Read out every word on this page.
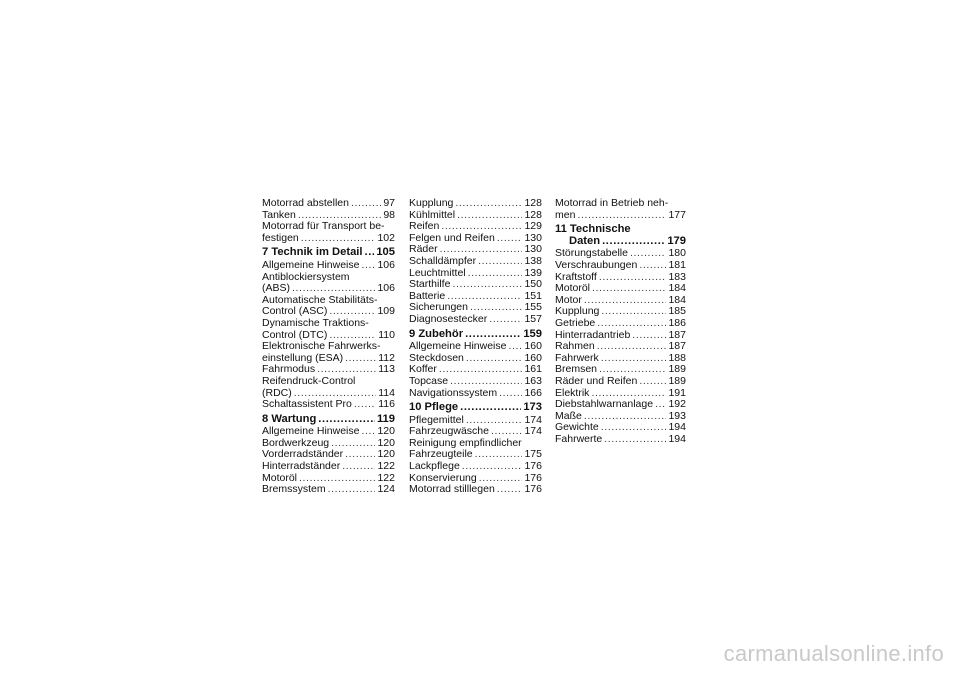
Motorrad abstellen .....	97
Tanken .....	98
Motorrad für Transport be-
festigen .....	102
7 Technik im Detail ..... 105
Allgemeine Hinweise ..... 106
Antiblockiersystem
(ABS) .....	106
Automatische Stabilitäts-
Control (ASC) .....	109
Dynamische Traktions-
Control (DTC) .....	110
Elektronische Fahrwerks-
einstellung (ESA) .....	112
Fahrmodus .....	113
Reifendruck-Control
(RDC) .....	114
Schaltassistent Pro .....	116
8 Wartung .....	119
Allgemeine Hinweise ..... 120
Bordwerkzeug .....	120
Vorderradständer .....	120
Hinterradständer .....	122
Motoröl .....	122
Bremssystem .....	124
Kupplung .....	128
Kühlmittel .....	128
Reifen .....	129
Felgen und Reifen .....	130
Räder .....	130
Schalldämpfer .....	138
Leuchtmittel .....	139
Starthilfe .....	150
Batterie .....	151
Sicherungen .....	155
Diagnosestecker .....	157
9 Zubehör .....	159
Allgemeine Hinweise ..... 160
Steckdosen .....	160
Koffer .....	161
Topcase .....	163
Navigationssystem .....	166
10 Pflege .....	173
Pflegemittel .....	174
Fahrzeugwäsche .....	174
Reinigung empfindlicher
Fahrzeugteile .....	175
Lackpflege .....	176
Konservierung .....	176
Motorrad stilllegen .....	176
Motorrad in Betrieb neh-
men .....	177
11 Technische
Daten .....	179
Störungstabelle .....	180
Verschraubungen .....	181
Kraftstoff .....	183
Motoröl .....	184
Motor .....	184
Kupplung .....	185
Getriebe .....	186
Hinterradantrieb .....	187
Rahmen .....	187
Fahrwerk .....	188
Bremsen .....	189
Räder und Reifen .....	189
Elektrik .....	191
Diebstahlwarnanlage ..... 192
Maße .....	193
Gewichte .....	194
Fahrwerte .....	194
carmanualsonline.info
